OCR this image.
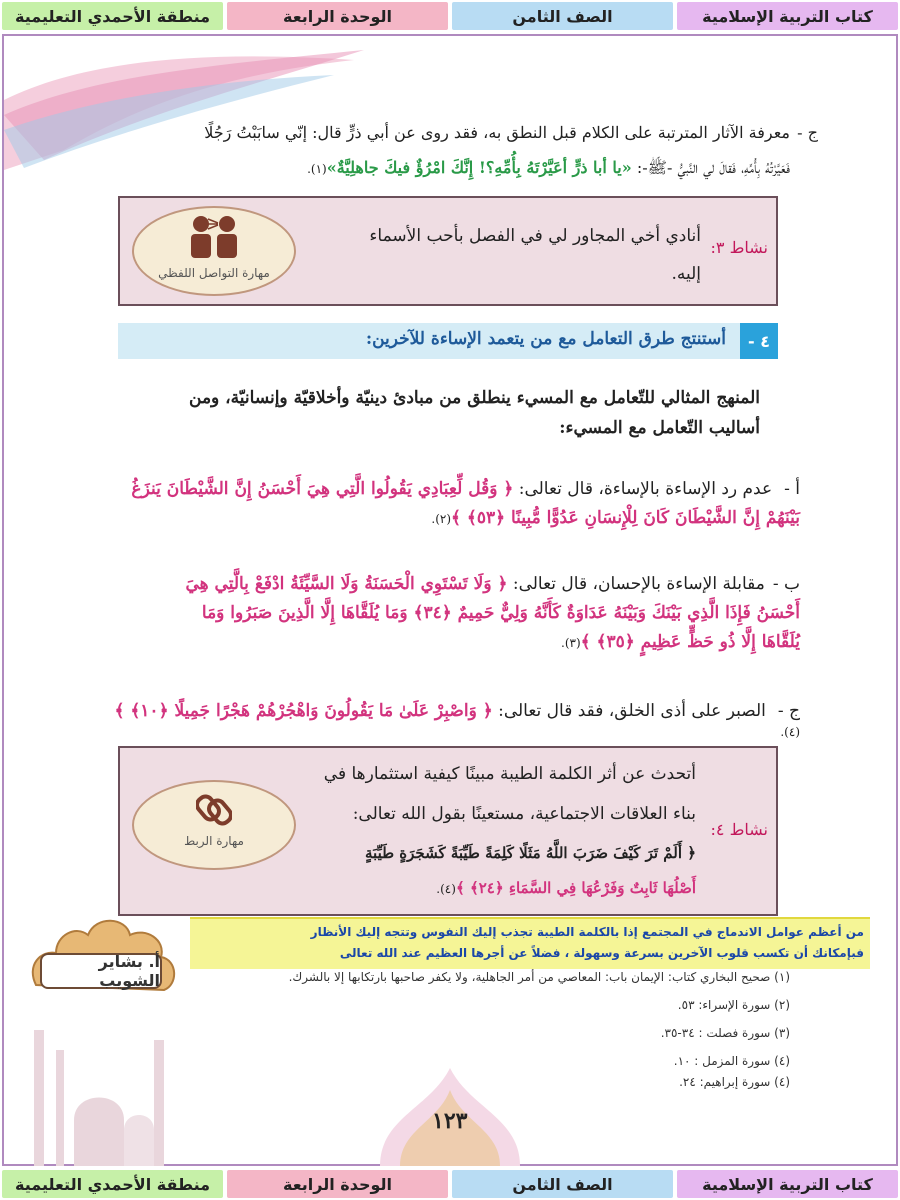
كتاب التربية الإسلامية
الصف الثامن
الوحدة الرابعة
منطقة الأحمدي التعليمية
ج -
معرفة الآثار المترتبة على الكلام قبل النطق به، فقد روى عن أبي ذرٍّ قال: إنّي سابَبْتُ رَجُلًا
فَعَيَّرْتُهُ بِأُمِّهِ، فَقالَ لي النَّبيُّ -ﷺ-: «يا أبا ذرٍّ أعَيَّرْتَهُ بِأُمِّهِ؟! إِنَّكَ امْرُؤٌ فيكَ جاهلِيَّةٌ»(١).
نشاط ٣:
أنادي أخي المجاور لي في الفصل بأحب الأسماء
إليه.
مهارة التواصل اللفظي
٤ -
أستنتج طرق التعامل مع من يتعمد الإساءة للآخرين:
المنهج المثالي للتّعامل مع المسيء ينطلق من مبادئ دينيّة وأخلاقيّة وإنسانيّة، ومن
أساليب التّعامل مع المسيء:
أ -عدم رد الإساءة بالإساءة، قال تعالى: ﴿ وَقُل لِّعِبَادِي يَقُولُوا الَّتِي هِيَ أَحْسَنُ إِنَّ الشَّيْطَانَ يَنزَغُ
بَيْنَهُمْ إِنَّ الشَّيْطَانَ كَانَ لِلْإِنسَانِ عَدُوًّا مُّبِينًا ﴿٥٣﴾ ﴾(٢).
ب -مقابلة الإساءة بالإحسان، قال تعالى: ﴿ وَلَا تَسْتَوِي الْحَسَنَةُ وَلَا السَّيِّئَةُ ادْفَعْ بِالَّتِي هِيَ
أَحْسَنُ فَإِذَا الَّذِي بَيْنَكَ وَبَيْنَهُ عَدَاوَةٌ كَأَنَّهُ وَلِيٌّ حَمِيمٌ ﴿٣٤﴾ وَمَا يُلَقَّاهَا إِلَّا الَّذِينَ صَبَرُوا وَمَا
يُلَقَّاهَا إِلَّا ذُو حَظٍّ عَظِيمٍ ﴿٣٥﴾ ﴾(٣).
ج -الصبر على أذى الخلق، فقد قال تعالى: ﴿ وَاصْبِرْ عَلَىٰ مَا يَقُولُونَ وَاهْجُرْهُمْ هَجْرًا جَمِيلًا ﴿١٠﴾ ﴾(٤).
نشاط ٤:
أتحدث عن أثر الكلمة الطيبة مبينًا كيفية استثمارها في
بناء العلاقات الاجتماعية، مستعينًا بقول الله تعالى:
﴿ أَلَمْ تَرَ كَيْفَ ضَرَبَ اللَّهُ مَثَلًا كَلِمَةً طَيِّبَةً كَشَجَرَةٍ طَيِّبَةٍ
أَصْلُهَا ثَابِتٌ وَفَرْعُهَا فِي السَّمَاءِ ﴿٢٤﴾ ﴾(٤).
مهارة الربط
أ. بشاير الشويب
من أعظم عوامل الاندماج في المجتمع إذا بالكلمة الطيبة تجذب إليك النفوس وتتجه إليك الأنظار
فبإمكانك أن تكسب قلوب الآخرين بسرعة وسهولة ، فضلاً عن أجرها العظيم عند الله تعالى
(١) صحيح البخاري كتاب: الإيمان باب: المعاصي من أمر الجاهلية، ولا يكفر صاحبها بارتكابها إلا بالشرك.
(٢) سورة الإسراء: ٥٣.
(٣) سورة فصلت : ٣٤-٣٥.
(٤) سورة المزمل : ١٠.
(٤) سورة إبراهيم: ٢٤.
١٢٣
كتاب التربية الإسلامية
الصف الثامن
الوحدة الرابعة
منطقة الأحمدي التعليمية
